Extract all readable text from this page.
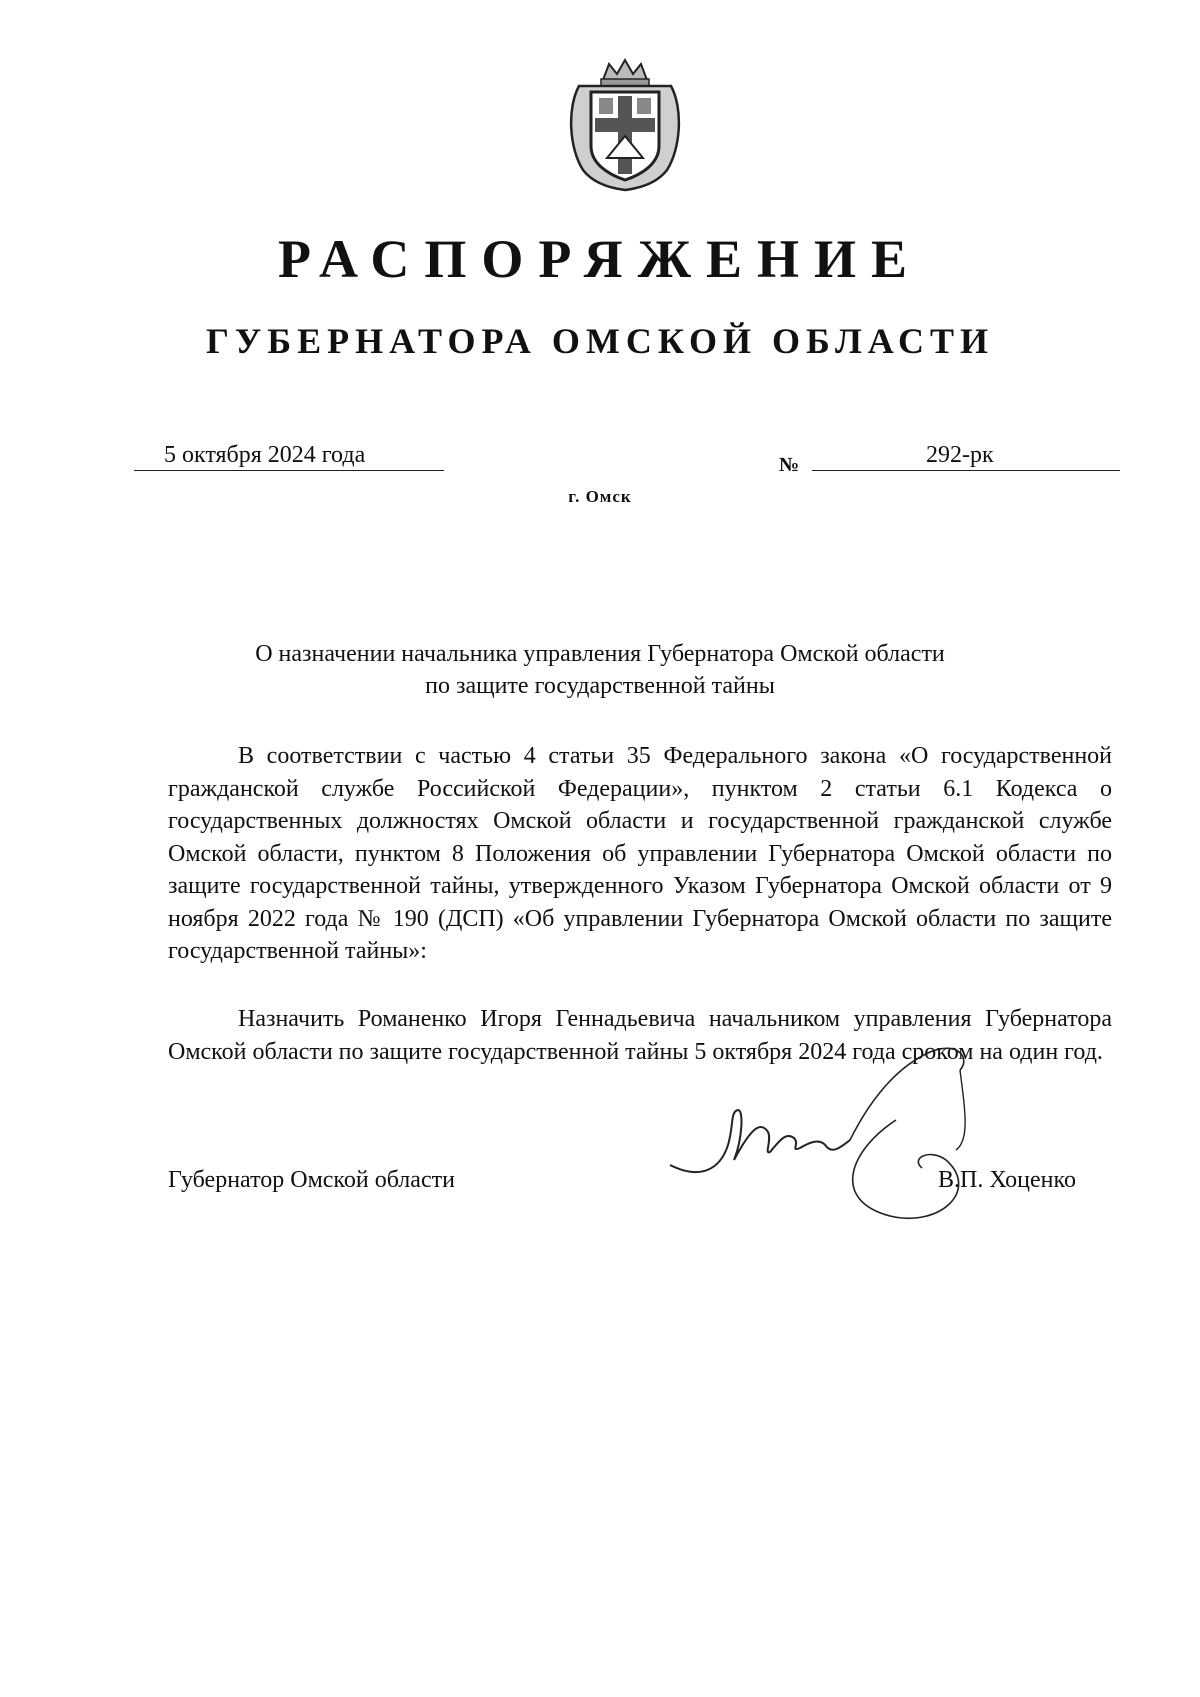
РАСПОРЯЖЕНИЕ
ГУБЕРНАТОРА ОМСКОЙ ОБЛАСТИ
5 октября 2024 года	№	292-рк
г. Омск
О назначении начальника управления Губернатора Омской области
по защите государственной тайны

В соответствии с частью 4 статьи 35 Федерального закона «О государственной гражданской службе Российской Федерации», пунктом 2 статьи 6.1 Кодекса о государственных должностях Омской области и государственной гражданской службе Омской области, пунктом 8 Положения об управлении Губернатора Омской области по защите государственной тайны, утвержденного Указом Губернатора Омской области от 9 ноября 2022 года № 190 (ДСП) «Об управлении Губернатора Омской области по защите государственной тайны»:

Назначить Романенко Игоря Геннадьевича начальником управления Губернатора Омской области по защите государственной тайны 5 октября 2024 года сроком на один год.

Губернатор Омской области	В.П. Хоценко
